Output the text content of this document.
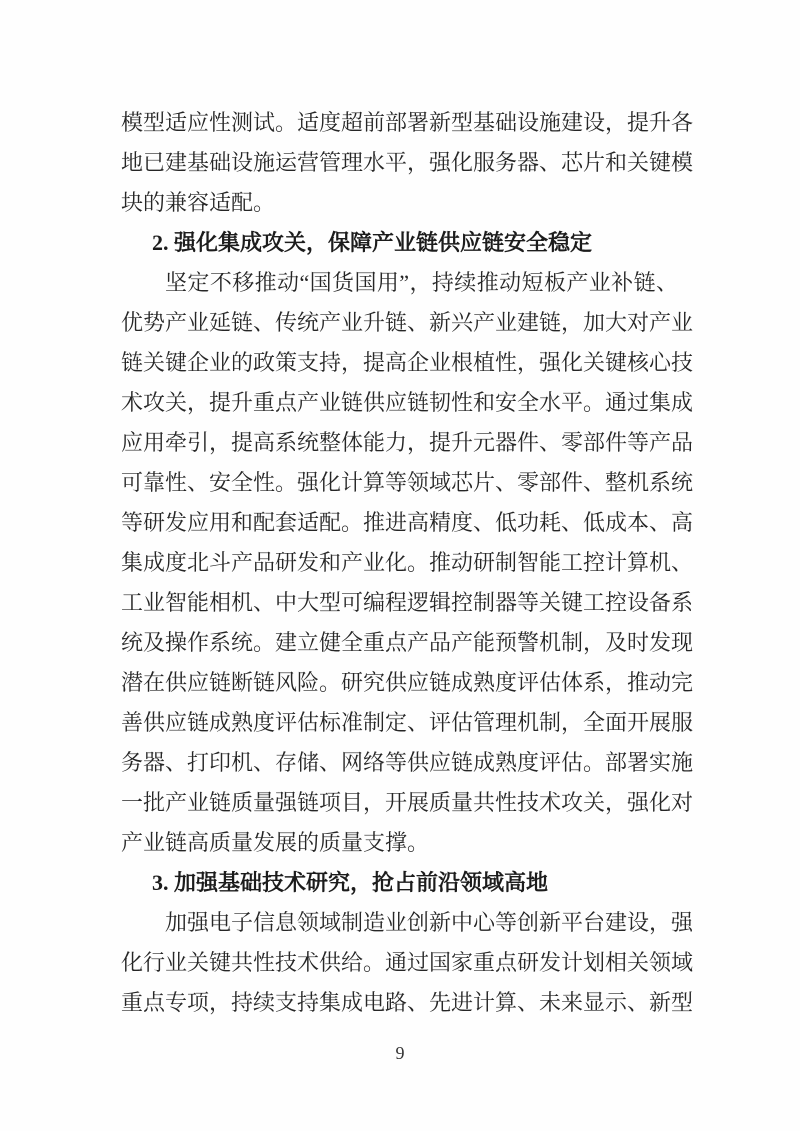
模型适应性测试。适度超前部署新型基础设施建设，提升各
地已建基础设施运营管理水平，强化服务器、芯片和关键模
块的兼容适配。
2. 强化集成攻关，保障产业链供应链安全稳定
坚定不移推动“国货国用”，持续推动短板产业补链、
优势产业延链、传统产业升链、新兴产业建链，加大对产业
链关键企业的政策支持，提高企业根植性，强化关键核心技
术攻关，提升重点产业链供应链韧性和安全水平。通过集成
应用牵引，提高系统整体能力，提升元器件、零部件等产品
可靠性、安全性。强化计算等领域芯片、零部件、整机系统
等研发应用和配套适配。推进高精度、低功耗、低成本、高
集成度北斗产品研发和产业化。推动研制智能工控计算机、
工业智能相机、中大型可编程逻辑控制器等关键工控设备系
统及操作系统。建立健全重点产品产能预警机制，及时发现
潜在供应链断链风险。研究供应链成熟度评估体系，推动完
善供应链成熟度评估标准制定、评估管理机制，全面开展服
务器、打印机、存储、网络等供应链成熟度评估。部署实施
一批产业链质量强链项目，开展质量共性技术攻关，强化对
产业链高质量发展的质量支撑。
3. 加强基础技术研究，抢占前沿领域高地
加强电子信息领域制造业创新中心等创新平台建设，强
化行业关键共性技术供给。通过国家重点研发计划相关领域
重点专项，持续支持集成电路、先进计算、未来显示、新型
9
